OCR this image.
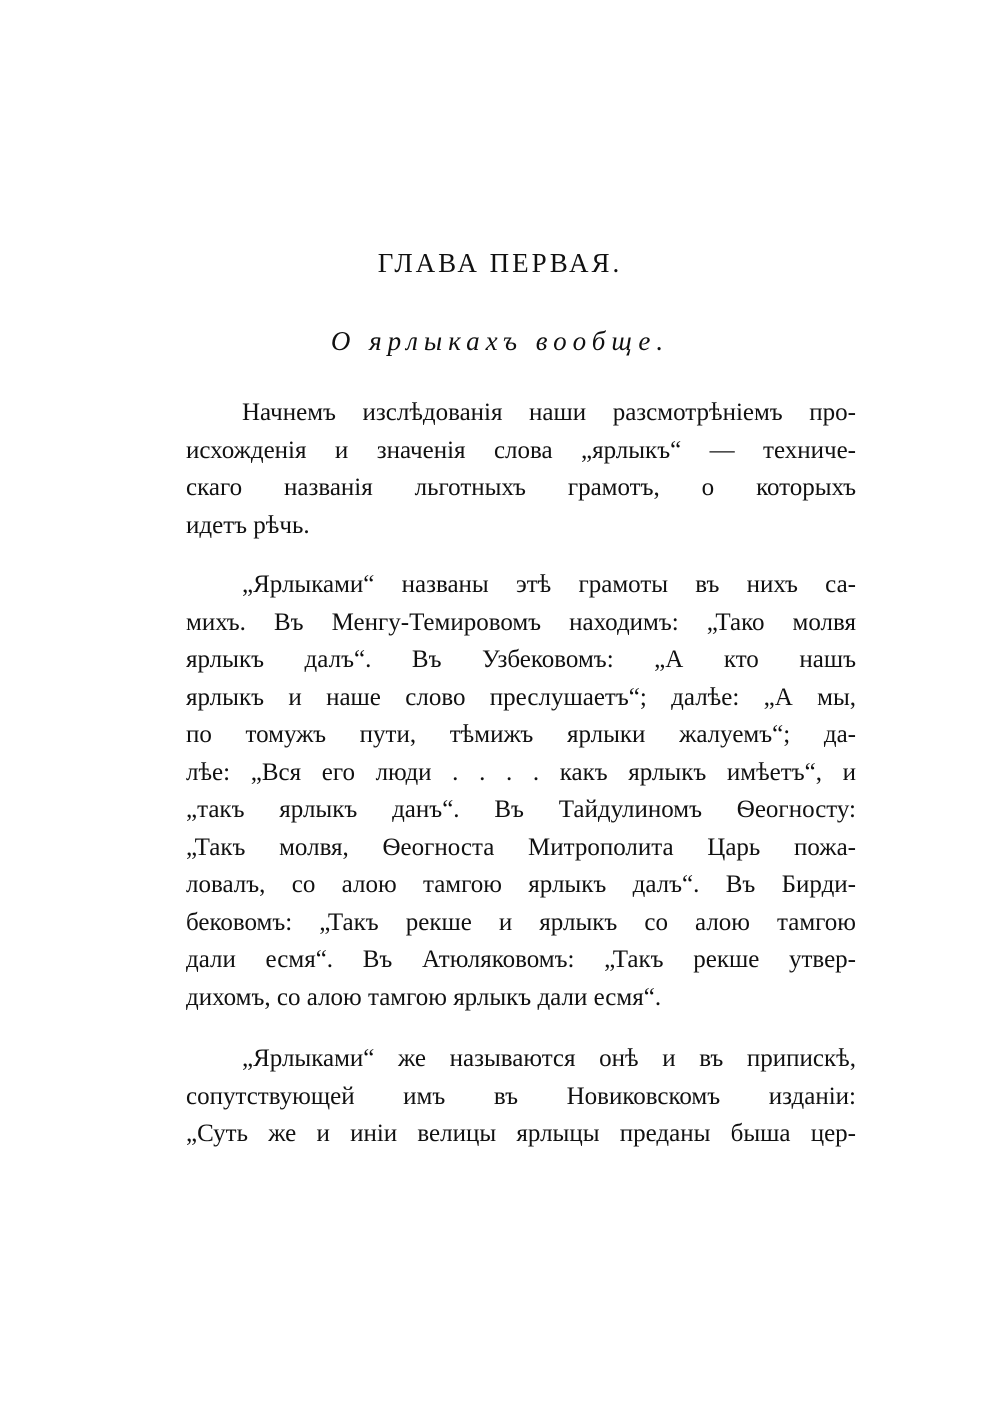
ГЛАВА ПЕРВАЯ.
О ярлыкахъ вообще.
Начнемъ изслѣдованія наши разсмотрѣніемъ про-
исхожденія и значенія слова „ярлыкъ“ — техниче-
скаго названія льготныхъ грамотъ, о которыхъ
идетъ рѣчь.
„Ярлыками“ названы этѣ грамоты въ нихъ са-
михъ. Въ Менгу-Темировомъ находимъ: „Тако молвя
ярлыкъ далъ“. Въ Узбековомъ: „А кто нашъ
ярлыкъ и наше слово преслушаетъ“; далѣе: „А мы,
по томужъ пути, тѣмижъ ярлыки жалуемъ“; да-
лѣе: „Вся его люди . . . . какъ ярлыкъ имѣетъ“, и
„такъ ярлыкъ данъ“. Въ Тайдулиномъ Ѳеогносту:
„Такъ молвя, Ѳеогноста Митрополита Царь пожа-
ловалъ, со алою тамгою ярлыкъ далъ“. Въ Бирди-
бековомъ: „Такъ рекше и ярлыкъ со алою тамгою
дали есмя“. Въ Атюляковомъ: „Такъ рекше утвер-
дихомъ, со алою тамгою ярлыкъ дали есмя“.
„Ярлыками“ же называются онѣ и въ припискѣ,
сопутствующей имъ въ Новиковскомъ изданіи:
„Суть же и иніи велицы ярлыцы преданы быша цер-
